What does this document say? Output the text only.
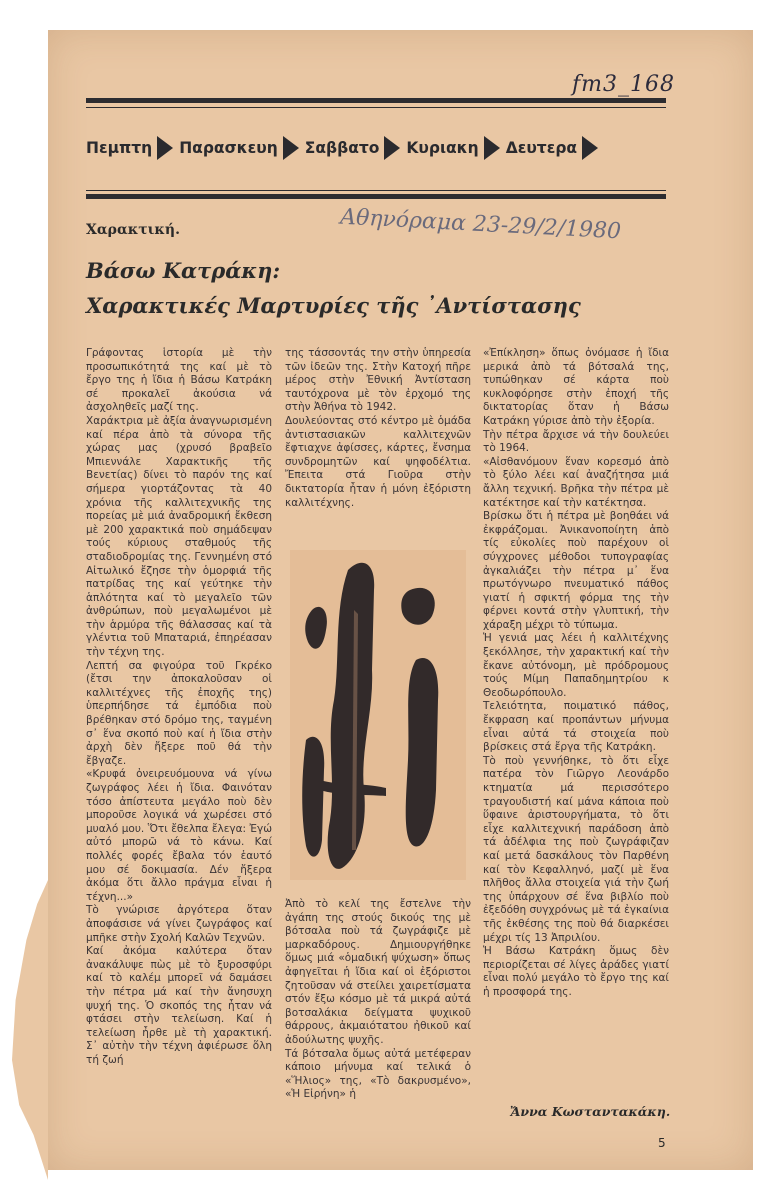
fm3_168
Πεμπτη Παρασκευη Σαββατο Κυριακη Δευτερα
Χαρακτική.	Αθηνόραμα 23-29/2/1980
Βάσω Κατράκη:
Χαρακτικές Μαρτυρίες τῆς ᾿Αντίστασης

Γράφοντας ἱστορία μὲ τὴν προσωπικότητά της καί μὲ τὸ ἔργο της ἡ ἴδια ἡ Βάσω Κατράκη σέ προκαλεῖ ἀκούσια νά ἀσχοληθεῖς μαζί της.

Χαράκτρια μὲ ἀξία ἀναγνωρισμένη καί πέρα ἀπὸ τὰ σύνορα τῆς χώρας μας (χρυσό βραβεῖο Μπιεννάλε Χαρακτικῆς τῆς Βενετίας) δίνει τὸ παρόν της καί σήμερα γιορτάζοντας τὰ 40 χρόνια τῆς καλλιτεχνικῆς της πορείας μὲ μιά ἀναδρομική ἔκθεση μὲ 200 χαρακτικά ποὺ σημάδεψαν τούς κύριους σταθμούς τῆς σταδιοδρομίας της. Γεννημένη στό Αἰτωλικό ἔζησε τὴν ὁμορφιά τῆς πατρίδας της καί γεύτηκε τὴν ἁπλότητα καί τὸ μεγαλεῖο τῶν ἀνθρώπων, ποὺ μεγαλωμένοι μὲ τὴν ἁρμύρα τῆς θάλασσας καί τὰ γλέντια τοῦ Μπαταριά, ἐπηρέασαν τὴν τέχνη της.

Λεπτή σα φιγούρα τοῦ Γκρέκο (ἔτσι την ἀποκαλοῦσαν οἱ καλλιτέχνες τῆς ἐποχῆς της) ὑπερπήδησε τά ἐμπόδια ποὺ βρέθηκαν στό δρόμο της, ταγμένη σ᾿ ἕνα σκοπό ποὺ καί ἡ ἴδια στὴν ἀρχὴ δὲν ἤξερε ποῦ θά τὴν ἔβγαζε.

«Κρυφά ὀνειρευόμουνα νά γίνω ζωγράφος λέει ἡ ἴδια. Φαινόταν τόσο ἀπίστευτα μεγάλο ποὺ δὲν μποροῦσε λογικά νά χωρέσει στό μυαλό μου. Ὅτι ἔθελπα ἔλεγα: Ἐγώ αὐτό μπορῶ νά τὸ κάνω. Καί πολλές φορές ἔβαλα τόν ἑαυτό μου σέ δοκιμασία. Δέν ἤξερα ἀκόμα ὅτι ἄλλο πράγμα εἶναι ἡ τέχνη...»

Τὸ γνώρισε ἀργότερα ὅταν ἀποφάσισε νά γίνει ζωγράφος καί μπῆκε στὴν Σχολή Καλῶν Τεχνῶν.

Καί ἀκόμα καλύτερα ὅταν ἀνακάλυψε πὼς μὲ τὸ ξυροσφύρι καί τὸ καλέμ μπορεῖ νά δαμάσει τὴν πέτρα μά καί τὴν ἄνησυχη ψυχή της. Ὁ σκοπός της ἦταν νά φτάσει στὴν τελείωση. Καί ἡ τελείωση ἦρθε μὲ τὴ χαρακτική. Σ᾿ αὐτὴν τὴν τέχνη ἀφιέρωσε ὅλη τή ζωή

της τάσσοντάς την στὴν ὑπηρεσία τῶν ἰδεῶν της. Στὴν Κατοχή πῆρε μέρος στὴν Ἐθνική Ἀντίσταση ταυτόχρονα μὲ τὸν ἐρχομό της στὴν Ἀθήνα τὸ 1942.

Δουλεύοντας στό κέντρο μὲ ὁμάδα ἀντιστασιακῶν καλλιτεχνῶν ἔφτιαχνε ἀφίσσες, κάρτες, ἔνσημα συνδρομητῶν καί ψηφοδέλτια. Ἔπειτα στά Γιοῦρα στὴν δικτατορία ἦταν ἡ μόνη ἐξόριστη καλλιτέχνης.

Ἀπὸ τὸ κελί της ἔστελνε τὴν ἀγάπη της στούς δικούς της μὲ βότσαλα ποὺ τά ζωγράφιζε μὲ μαρκαδόρους. Δημιουργήθηκε ὅμως μιά «ὁμαδική ψύχωση» ὅπως ἀφηγεῖται ἡ ἴδια καί οἱ ἐξόριστοι ζητοῦσαν νά στείλει χαιρετίσματα στόν ἔξω κόσμο μὲ τά μικρά αὐτά βοτσαλάκια δείγματα ψυχικοῦ θάρρους, ἀκμαιότατου ἠθικοῦ καί ἀδούλωτης ψυχῆς.

Τά βότσαλα ὅμως αὐτά μετέφεραν κάποιο μήνυμα καί τελικά ὁ «Ἥλιος» της, «Τὸ δακρυσμένο», «Ἡ Εἰρήνη» ἡ

«Ἐπίκληση» ὅπως ὀνόμασε ἡ ἴδια μερικά ἀπὸ τά βότσαλά της, τυπώθηκαν σέ κάρτα ποὺ κυκλοφόρησε στὴν ἐποχή τῆς δικτατορίας ὅταν ἡ Βάσω Κατράκη γύρισε ἀπὸ τὴν ἐξορία.

Τὴν πέτρα ἄρχισε νά τὴν δουλεύει τὸ 1964.

«Αἰσθανόμουν ἕναν κορεσμό ἀπὸ τὸ ξύλο λέει καί ἀναζήτησα μιά ἄλλη τεχνική. Βρῆκα τὴν πέτρα μὲ κατέκτησε καί τὴν κατέκτησα.

Βρίσκω ὅτι ἡ πέτρα μὲ βοηθάει νά ἐκφράζομαι. Ἀνικανοποίητη ἀπὸ τίς εὐκολίες ποὺ παρέχουν οἱ σύγχρονες μέθοδοι τυπογραφίας ἀγκαλιάζει τὴν πέτρα μ᾿ ἕνα πρωτόγνωρο πνευματικό πάθος γιατί ἡ σφικτή φόρμα της τὴν φέρνει κοντά στὴν γλυπτική, τὴν χάραξη μέχρι τὸ τύπωμα.

Ἡ γενιά μας λέει ἡ καλλιτέχνης ξεκόλλησε, τὴν χαρακτική καί τὴν ἔκανε αὐτόνομη, μὲ πρόδρομους τούς Μίμη Παπαδημητρίου κ Θεοδωρόπουλο.

Τελειότητα, ποιματικό πάθος, ἔκφραση καί προπάντων μήνυμα εἶναι αὐτά τά στοιχεία ποὺ βρίσκεις στά ἔργα τῆς Κατράκη.

Τὸ ποὺ γεννήθηκε, τὸ ὅτι εἶχε πατέρα τὸν Γιῶργο Λεονάρδο κτηματία μά περισσότερο τραγουδιστή καί μάνα κάποια ποὺ ὕφαινε ἀριστουργήματα, τὸ ὅτι εἶχε καλλιτεχνική παράδοση ἀπὸ τά ἀδέλφια της ποὺ ζωγράφιζαν καί μετά δασκάλους τὸν Παρθένη καί τὸν Κεφαλληνό, μαζί μὲ ἕνα πλῆθος ἄλλα στοιχεία γιά τὴν ζωή της ὑπάρχουν σέ ἕνα βιβλίο ποὺ ἐξεδόθη συγχρόνως μὲ τά ἐγκαίνια τῆς ἐκθέσης της ποὺ θά διαρκέσει μέχρι τίς 13 Ἀπριλίου.

Ἡ Βάσω Κατράκη ὅμως δὲν περιορίζεται σέ λίγες ἀράδες γιατί εἶναι πολύ μεγάλο τὸ ἔργο της καί ἡ προσφορά της.

Ἄννα Κωσταντακάκη.
5
